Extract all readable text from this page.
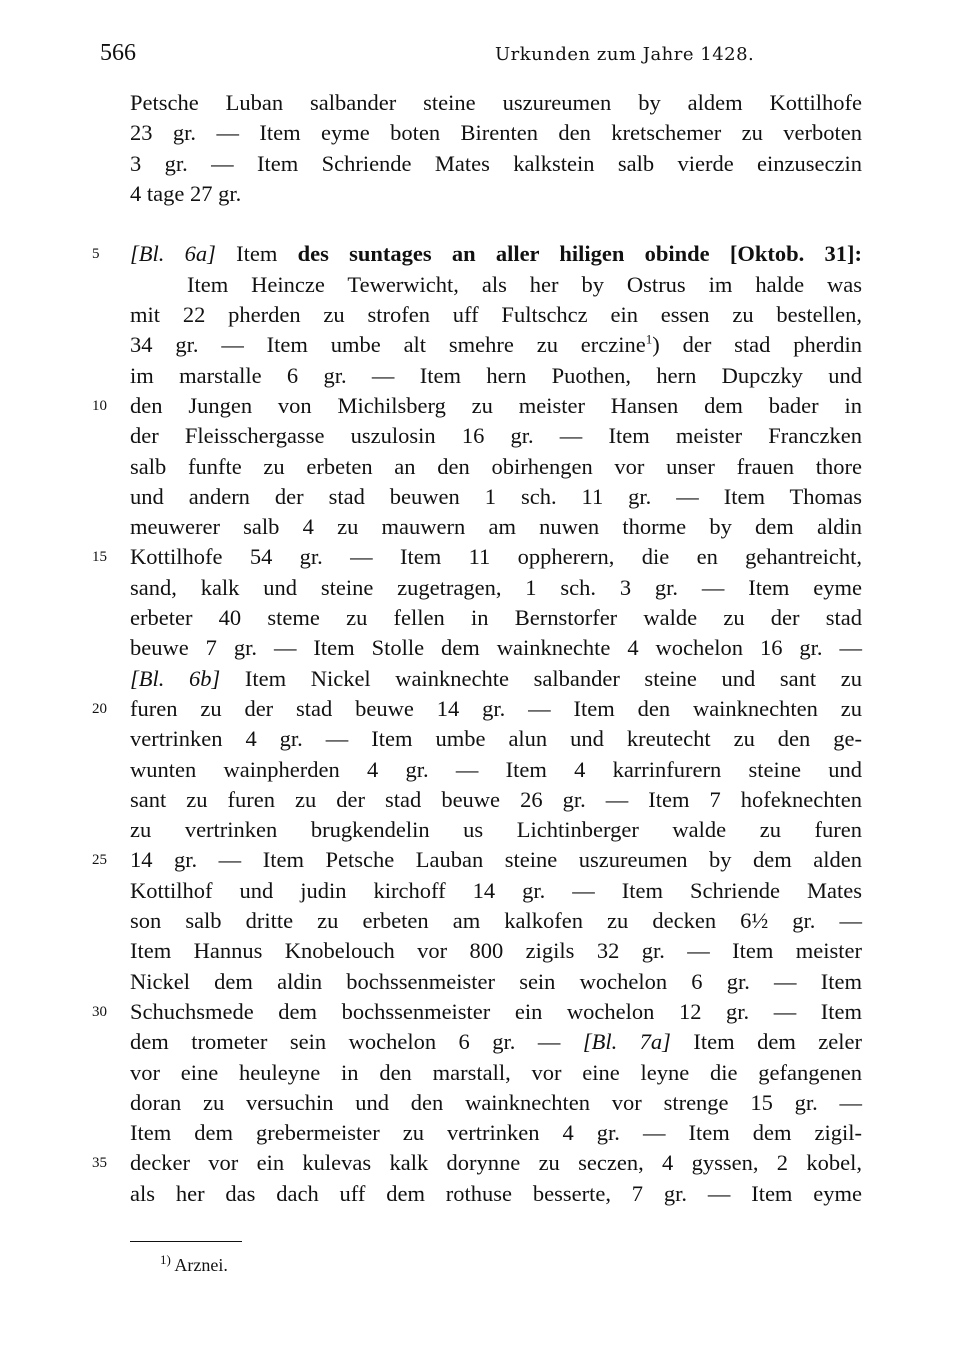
566	Urkunden zum Jahre 1428.
Petsche Luban salbander steine uszureumen by aldem Kottilhofe
23 gr. — Item eyme boten Birenten den kretschemer zu verboten
3 gr. — Item Schriende Mates kalkstein salb vierde einzuseczin
4 tage 27 gr.
5	[Bl. 6a] Item des suntages an aller hiligen obinde [Oktob. 31]:
Item Heincze Tewerwicht, als her by Ostrus im halde was
mit 22 pherden zu strofen uff Fultschcz ein essen zu bestellen,
34 gr. — Item umbe alt smehre zu erczine$^1$) der stad pherdin
im marstalle 6 gr. — Item hern Puothen, hern Dupczky und
10	den Jungen von Michilsberg zu meister Hansen dem bader in
der Fleisschergasse uszulosin 16 gr. — Item meister Franczken
salb funfte zu erbeten an den obirhengen vor unser frauen thore
und andern der stad beuwen 1 sch. 11 gr. — Item Thomas
meuwerer salb 4 zu mauwern am nuwen thorme by dem aldin
15	Kottilhofe 54 gr. — Item 11 oppherern, die en gehantreicht,
sand, kalk und steine zugetragen, 1 sch. 3 gr. — Item eyme
erbeter 40 steme zu fellen in Bernstorfer walde zu der stad
beuwe 7 gr. — Item Stolle dem wainknechte 4 wochelon 16 gr. —
[Bl. 6b] Item Nickel wainknechte salbander steine und sant zu
20	furen zu der stad beuwe 14 gr. — Item den wainknechten zu
vertrinken 4 gr. — Item umbe alun und kreutecht zu den ge-
wunten wainpherden 4 gr. — Item 4 karrinfurern steine und
sant zu furen zu der stad beuwe 26 gr. — Item 7 hofeknechten
zu vertrinken brugkendelin us Lichtinberger walde zu furen
25	14 gr. — Item Petsche Lauban steine uszureumen by dem alden
Kottilhof und judin kirchoff 14 gr. — Item Schriende Mates
son salb dritte zu erbeten am kalkofen zu decken 6½ gr. —
Item Hannus Knobelouch vor 800 zigils 32 gr. — Item meister
Nickel dem aldin bochssenmeister sein wochelon 6 gr. — Item
30	Schuchsmede dem bochssenmeister ein wochelon 12 gr. — Item
dem trometer sein wochelon 6 gr. — [Bl. 7a] Item dem zeler
vor eine heuleyne in den marstall, vor eine leyne die gefangenen
doran zu versuchin und den wainknechten vor strenge 15 gr. —
Item dem grebermeister zu vertrinken 4 gr. — Item dem zigil-
35	decker vor ein kulevas kalk dorynne zu seczen, 4 gyssen, 2 kobel,
als her das dach uff dem rothuse besserte, 7 gr. — Item eyme
$^{1)}$ Arznei.
